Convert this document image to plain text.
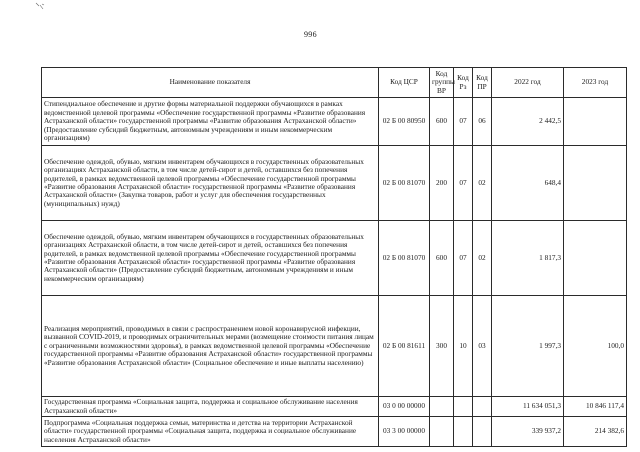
996
Наименование показателя	Код ЦСР	Код группы ВР	Код Рз	Код ПР	2022 год	2023 год
Стипендиальное обеспечение и другие формы материальной поддержки обучающихся в рамках ведомственной целевой программы «Обеспечение государственной программы «Развитие образования Астраханской области» государственной программы «Развитие образования Астраханской области» (Предоставление субсидий бюджетным, автономным учреждениям и иным некоммерческим организациям)	02 Б 00 80950	600	07	06	2 442,5	
Обеспечение одеждой, обувью, мягким инвентарем обучающихся в государственных образовательных организациях Астраханской области, в том числе детей-сирот и детей, оставшихся без попечения родителей, в рамках ведомственной целевой программы «Обеспечение государственной программы «Развитие образования Астраханской области» государственной программы «Развитие образования Астраханской области» (Закупка товаров, работ и услуг для обеспечения государственных (муниципальных) нужд)	02 Б 00 81070	200	07	02	648,4	
Обеспечение одеждой, обувью, мягким инвентарем обучающихся в государственных образовательных организациях Астраханской области, в том числе детей-сирот и детей, оставшихся без попечения родителей, в рамках ведомственной целевой программы «Обеспечение государственной программы «Развитие образования Астраханской области» государственной программы «Развитие образования Астраханской области» (Предоставление субсидий бюджетным, автономным учреждениям и иным некоммерческим организациям)	02 Б 00 81070	600	07	02	1 817,3	
Реализация мероприятий, проводимых в связи с распространением новой коронавирусной инфекции, вызванной COVID-2019, и проводимых ограничительных мерами (возмещение стоимости питания лицам с ограниченными возможностями здоровья), в рамках ведомственной целевой программы «Обеспечение государственной программы «Развитие образования Астраханской области» государственной программы «Развитие образования Астраханской области» (Социальное обеспечение и иные выплаты населению)	02 Б 00 81611	300	10	03	1 997,3	100,0
Государственная программа «Социальная защита, поддержка и социальное обслуживание населения Астраханской области»	03 0 00 00000				11 634 051,3	10 846 117,4
Подпрограмма «Социальная поддержка семьи, материнства и детства на территории Астраханской области» государственной программы «Социальная защита, поддержка и социальное обслуживание населения Астраханской области»	03 3 00 00000				339 937,2	214 382,6
